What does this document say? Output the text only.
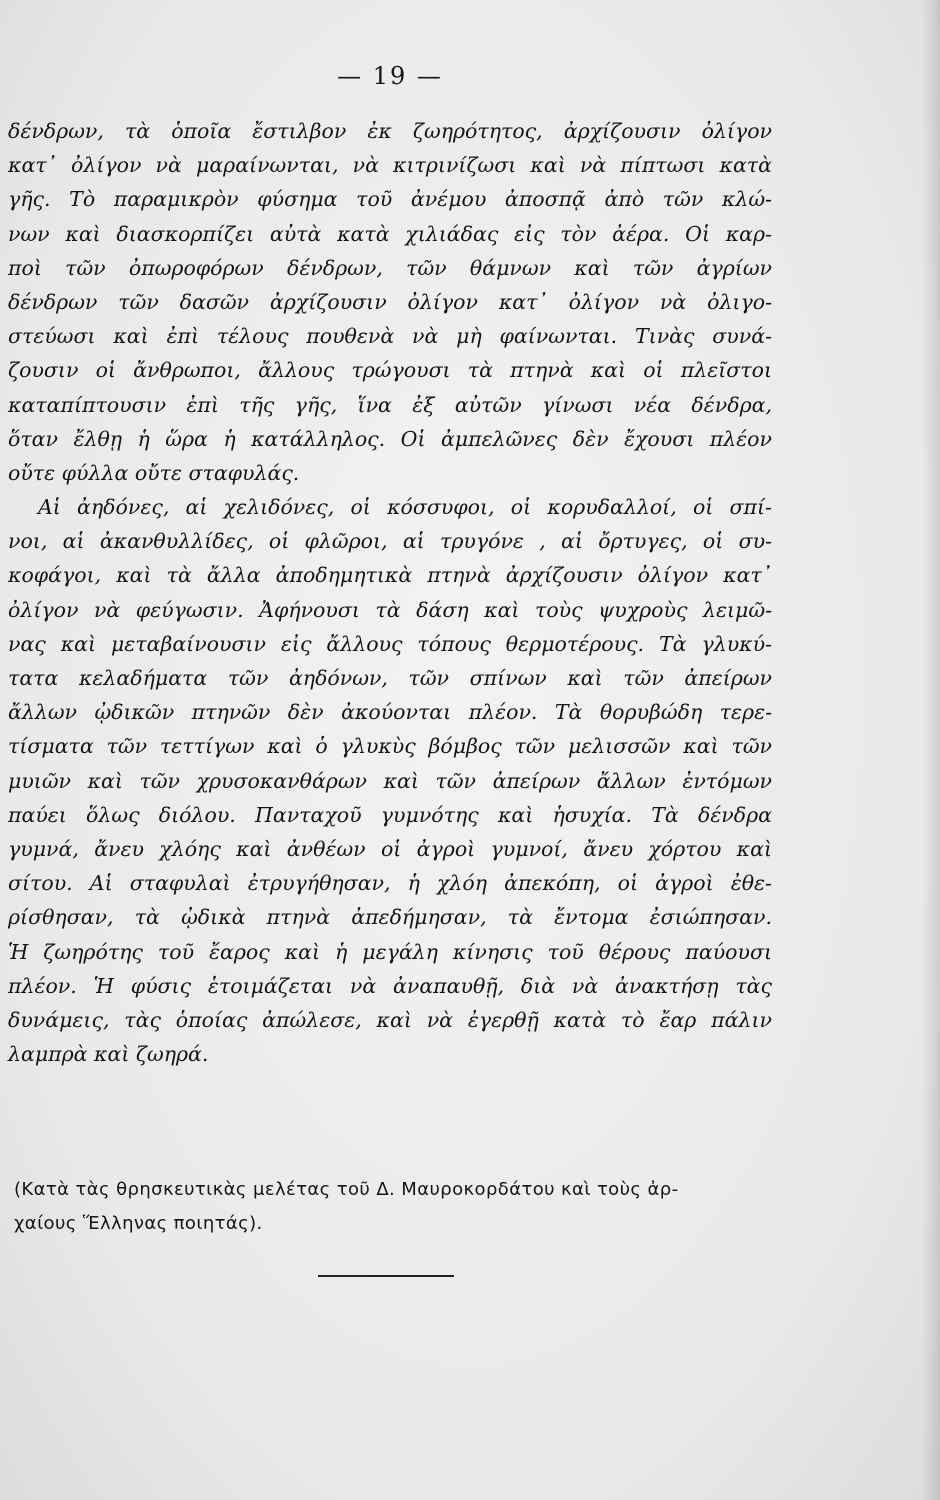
— 19 —
δένδρων, τὰ ὁποῖα ἔστιλβον ἐκ ζωηρότητος, ἀρχίζουσιν ὀλίγον
κατ᾽ ὀλίγον νὰ μαραίνωνται, νὰ κιτρινίζωσι καὶ νὰ πίπτωσι κατὰ
γῆς. Τὸ παραμικρὸν φύσημα τοῦ ἀνέμου ἀποσπᾷ ἀπὸ τῶν κλώ-
νων καὶ διασκορπίζει αὐτὰ κατὰ χιλιάδας εἰς τὸν ἀέρα. Οἱ καρ-
ποὶ τῶν ὀπωροφόρων δένδρων, τῶν θάμνων καὶ τῶν ἀγρίων
δένδρων τῶν δασῶν ἀρχίζουσιν ὀλίγον κατ᾽ ὀλίγον νὰ ὀλιγο-
στεύωσι καὶ ἐπὶ τέλους πουθενὰ νὰ μὴ φαίνωνται. Τινὰς συνά-
ζουσιν οἱ ἄνθρωποι, ἄλλους τρώγουσι τὰ πτηνὰ καὶ οἱ πλεῖστοι
καταπίπτουσιν ἐπὶ τῆς γῆς, ἵνα ἐξ αὐτῶν γίνωσι νέα δένδρα,
ὅταν ἔλθῃ ἡ ὥρα ἡ κατάλληλος. Οἱ ἀμπελῶνες δὲν ἔχουσι πλέον
οὔτε φύλλα οὔτε σταφυλάς.
Αἱ ἀηδόνες, αἱ χελιδόνες, οἱ κόσσυφοι, οἱ κορυδαλλοί, οἱ σπί-
νοι, αἱ ἀκανθυλλίδες, οἱ φλῶροι, αἱ τρυγόνε , αἱ ὄρτυγες, οἱ συ-
κοφάγοι, καὶ τὰ ἄλλα ἀποδημητικὰ πτηνὰ ἀρχίζουσιν ὀλίγον κατ᾽
ὀλίγον νὰ φεύγωσιν. Ἀφήνουσι τὰ δάση καὶ τοὺς ψυχροὺς λειμῶ-
νας καὶ μεταβαίνουσιν εἰς ἄλλους τόπους θερμοτέρους. Τὰ γλυκύ-
τατα κελαδήματα τῶν ἀηδόνων, τῶν σπίνων καὶ τῶν ἀπείρων
ἄλλων ᾠδικῶν πτηνῶν δὲν ἀκούονται πλέον. Τὰ θορυβώδη τερε-
τίσματα τῶν τεττίγων καὶ ὁ γλυκὺς βόμβος τῶν μελισσῶν καὶ τῶν
μυιῶν καὶ τῶν χρυσοκανθάρων καὶ τῶν ἀπείρων ἄλλων ἐντόμων
παύει ὅλως διόλου. Πανταχοῦ γυμνότης καὶ ἡσυχία. Τὰ δένδρα
γυμνά, ἄνευ χλόης καὶ ἀνθέων οἱ ἀγροὶ γυμνοί, ἄνευ χόρτου καὶ
σίτου. Αἱ σταφυλαὶ ἐτρυγήθησαν, ἡ χλόη ἀπεκόπη, οἱ ἀγροὶ ἐθε-
ρίσθησαν, τὰ ᾠδικὰ πτηνὰ ἀπεδήμησαν, τὰ ἔντομα ἐσιώπησαν.
Ἡ ζωηρότης τοῦ ἔαρος καὶ ἡ μεγάλη κίνησις τοῦ θέρους παύουσι
πλέον. Ἡ φύσις ἑτοιμάζεται νὰ ἀναπαυθῇ, διὰ νὰ ἀνακτήσῃ τὰς
δυνάμεις, τὰς ὁποίας ἀπώλεσε, καὶ νὰ ἐγερθῇ κατὰ τὸ ἔαρ πάλιν
λαμπρὰ καὶ ζωηρά.
(Κατὰ τὰς θρησκευτικὰς μελέτας τοῦ Δ. Μαυροκορδάτου καὶ τοὺς ἀρ-
χαίους Ἕλληνας ποιητάς).
